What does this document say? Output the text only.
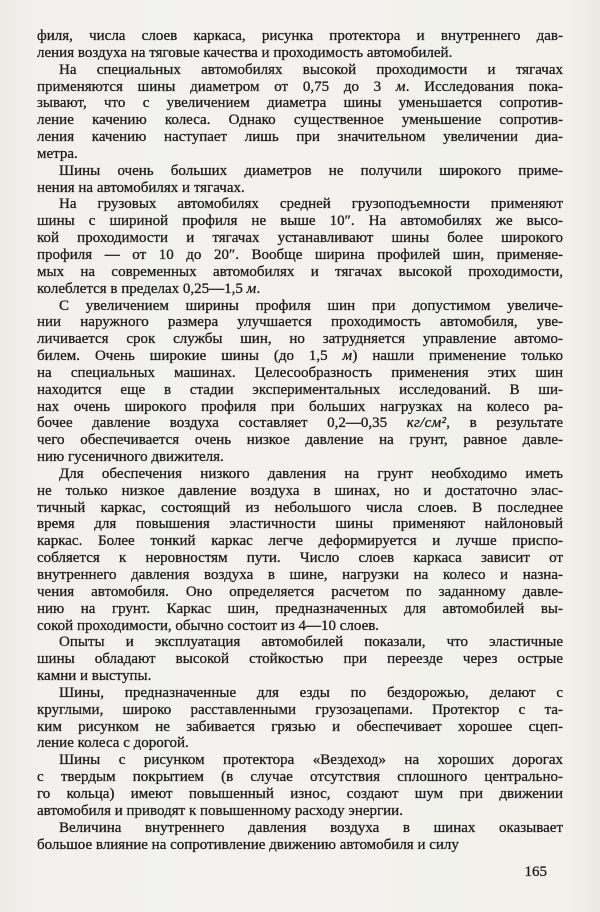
филя, числа слоев каркаса, рисунка протектора и внутреннего дав-
ления воздуха на тяговые качества и проходимость автомобилей.

На специальных автомобилях высокой проходимости и тягачах
применяются шины диаметром от 0,75 до 3 м. Исследования пока-
зывают, что с увеличением диаметра шины уменьшается сопротив-
ление качению колеса. Однако существенное уменьшение сопротив-
ления качению наступает лишь при значительном увеличении диа-
метра.

Шины очень больших диаметров не получили широкого приме-
нения на автомобилях и тягачах.

На грузовых автомобилях средней грузоподъемности применяют
шины с шириной профиля не выше 10″. На автомобилях же высо-
кой проходимости и тягачах устанавливают шины более широкого
профиля — от 10 до 20″. Вообще ширина профилей шин, применяе-
мых на современных автомобилях и тягачах высокой проходимости,
колеблется в пределах 0,25—1,5 м.

С увеличением ширины профиля шин при допустимом увеличе-
нии наружного размера улучшается проходимость автомобиля, уве-
личивается срок службы шин, но затрудняется управление автомо-
билем. Очень широкие шины (до 1,5 м) нашли применение только
на специальных машинах. Целесообразность применения этих шин
находится еще в стадии экспериментальных исследований. В ши-
нах очень широкого профиля при больших нагрузках на колесо ра-
бочее давление воздуха составляет 0,2—0,35 кг/см², в результате
чего обеспечивается очень низкое давление на грунт, равное давле-
нию гусеничного движителя.

Для обеспечения низкого давления на грунт необходимо иметь
не только низкое давление воздуха в шинах, но и достаточно элас-
тичный каркас, состоящий из небольшого числа слоев. В последнее
время для повышения эластичности шины применяют найлоновый
каркас. Более тонкий каркас легче деформируется и лучше приспо-
собляется к неровностям пути. Число слоев каркаса зависит от
внутреннего давления воздуха в шине, нагрузки на колесо и назна-
чения автомобиля. Оно определяется расчетом по заданному давле-
нию на грунт. Каркас шин, предназначенных для автомобилей вы-
сокой проходимости, обычно состоит из 4—10 слоев.

Опыты и эксплуатация автомобилей показали, что эластичные
шины обладают высокой стойкостью при переезде через острые
камни и выступы.

Шины, предназначенные для езды по бездорожью, делают с
круглыми, широко расставленными грузозацепами. Протектор с та-
ким рисунком не забивается грязью и обеспечивает хорошее сцеп-
ление колеса с дорогой.

Шины с рисунком протектора «Вездеход» на хороших дорогах
с твердым покрытием (в случае отсутствия сплошного центрально-
го кольца) имеют повышенный износ, создают шум при движении
автомобиля и приводят к повышенному расходу энергии.

Величина внутреннего давления воздуха в шинах оказывает
большое влияние на сопротивление движению автомобиля и силу

165
